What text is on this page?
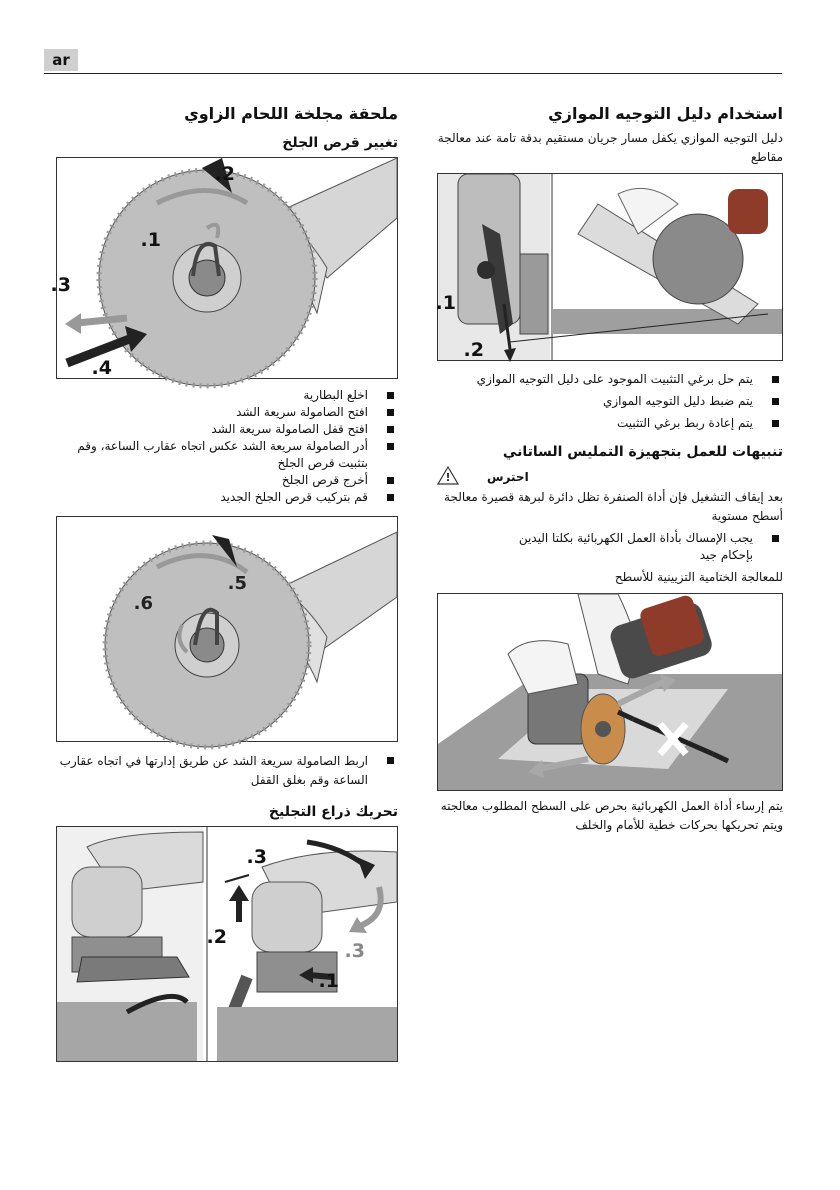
ar
استخدام دليل التوجيه الموازي

دليل التوجيه الموازي يكفل مسار جريان مستقيم بدقة تامة عند معالجة مقاطع

1.
2.
يتم حل برغي التثبيت الموجود على دليل التوجيه الموازي
يتم ضبط دليل التوجيه الموازي
يتم إعادة ربط برغي التثبيت
تنبيهات للعمل بتجهيزة التمليس الساتاني
احترس
!

بعد إيقاف التشغيل فإن أداة الصنفرة تظل دائرة لبرهة قصيرة معالجة أسطح مستوية

يجب الإمساك بأداة العمل الكهربائية بكلتا اليدين بإحكام جيد

للمعالجة الختامية التزيينية للأسطح

يتم إرساء أداة العمل الكهربائية بحرص على السطح المطلوب معالجته ويتم تحريكها بحركات خطية للأمام والخلف

ملحقة مجلخة اللحام الزاوي
تغيير قرص الجلخ
2.
1.
3.
4.
اخلع البطارية
افتح الصامولة سريعة الشد
افتح قفل الصامولة سريعة الشد
أدر الصامولة سريعة الشد عكس اتجاه عقارب الساعة، وقم بتثبيت قرص الجلخ
أخرج قرص الجلخ
قم بتركيب قرص الجلخ الجديد
5.
6.
اربط الصامولة سريعة الشد عن طريق إدارتها في اتجاه عقارب الساعة وقم بغلق القفل
تحريك ذراع التجليخ
3.
2.
3.
1.
